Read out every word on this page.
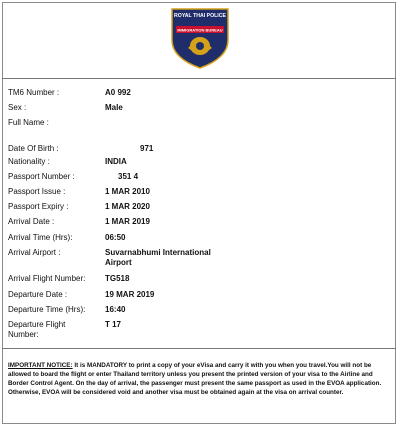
ROYAL THAI POLICE
IMMIGRATION BUREAU
TM6 Number :	A0 992
Sex :	Male
Full Name :
Date Of Birth :	971
Nationality :	INDIA
Passport Number :	351 4
Passport Issue :	1 MAR 2010
Passport Expiry :	1 MAR 2020
Arrival Date :	1 MAR 2019
Arrival Time (Hrs):	06:50
Arrival Airport :	Suvarnabhumi International Airport
Arrival Flight Number:	TG518
Departure Date :	19 MAR 2019
Departure Time (Hrs):	16:40
Departure Flight Number:
T 17
IMPORTANT NOTICE: It is MANDATORY to print a copy of your eVisa and carry it with you when you travel.You will not be allowed to board the flight or enter Thailand territory unless you present the printed version of your visa to the Airline and Border Control Agent. On the day of arrival, the passenger must present the same passport as used in the EVOA application. Otherwise, EVOA will be considered void and another visa must be obtained again at the visa on arrival counter.
